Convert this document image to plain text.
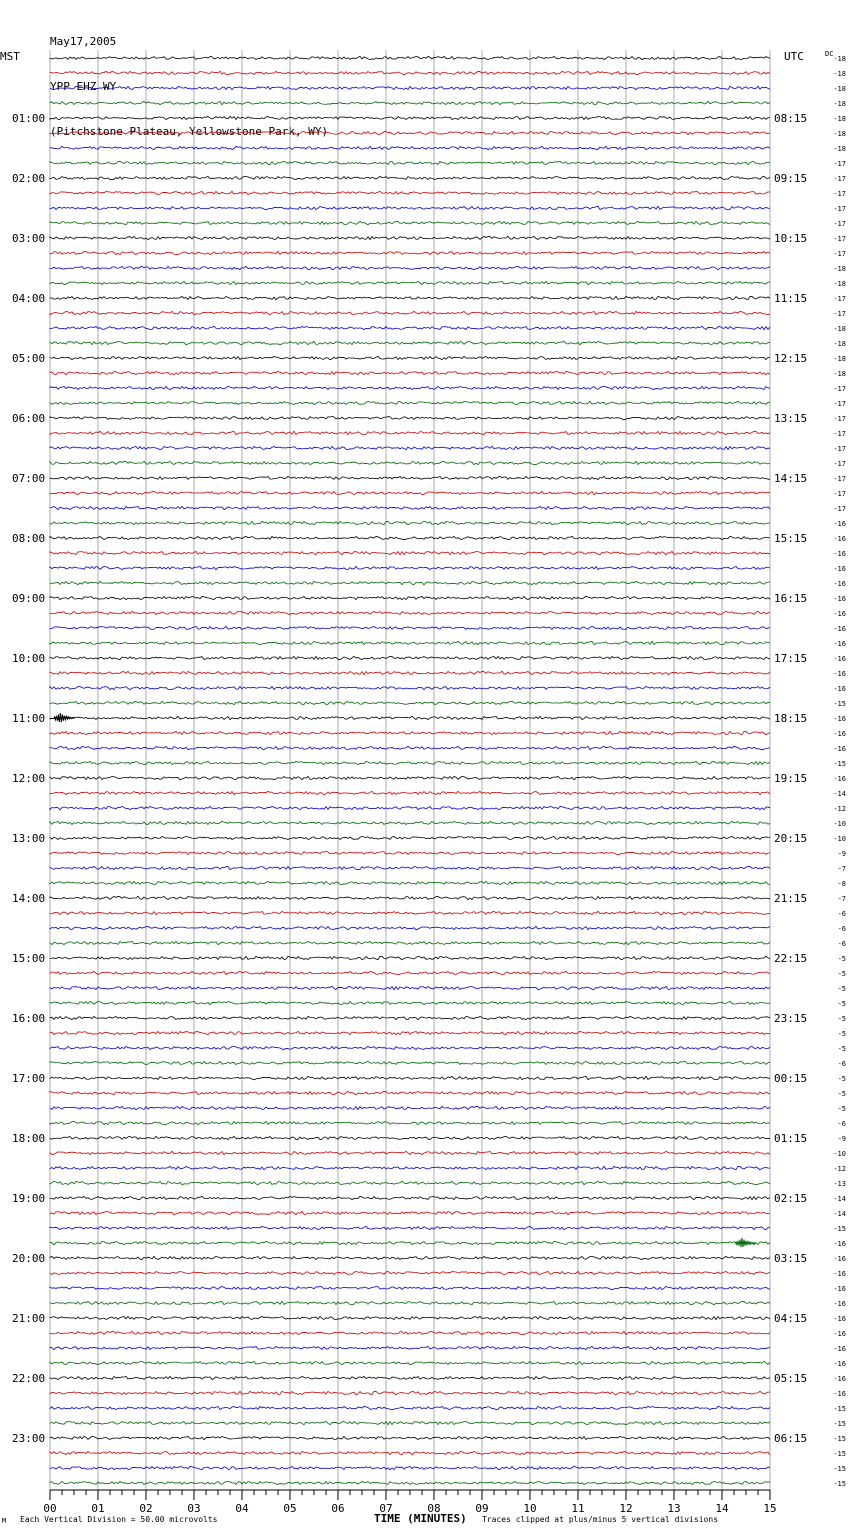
May17,2005

YPP EHZ WY

(Pitchstone Plateau, Yellowstone Park, WY)

01:00
02:00
03:00
04:00
05:00
06:00
07:00
08:00
09:00
10:00
11:00
12:00
13:00
14:00
15:00
16:00
17:00
18:00
19:00
20:00
21:00
22:00
23:00
08:15
09:15
10:15
11:15
12:15
13:15
14:15
15:15
16:15
17:15
18:15
19:15
20:15
21:15
22:15
23:15
00:15
01:15
02:15
03:15
04:15
05:15
06:15
-18
-18
-18
-18
-18
-18
-18
-17
-17
-17
-17
-17
-17
-17
-18
-18
-17
-17
-18
-18
-18
-18
-17
-17
-17
-17
-17
-17
-17
-17
-17
-16
-16
-16
-16
-16
-16
-16
-16
-16
-16
-16
-16
-15
-16
-16
-16
-15
-16
-14
-12
-10
-10
-9
-7
-8
-7
-6
-6
-6
-5
-5
-5
-5
-5
-5
-5
-6
-5
-5
-5
-6
-9
-10
-12
-13
-14
-14
-15
-16
-16
-16
-16
-16
-16
-16
-16
-16
-16
-16
-15
-15
-15
-15
-15
-15
00	01	02	03	04	05	06	07	08	09	10	11	12	13	14	15
MST	UTC	DC
M Each Vertical Division = 50.00 microvolts	TIME (MINUTES) Traces clipped at plus/minus 5 vertical divisions
